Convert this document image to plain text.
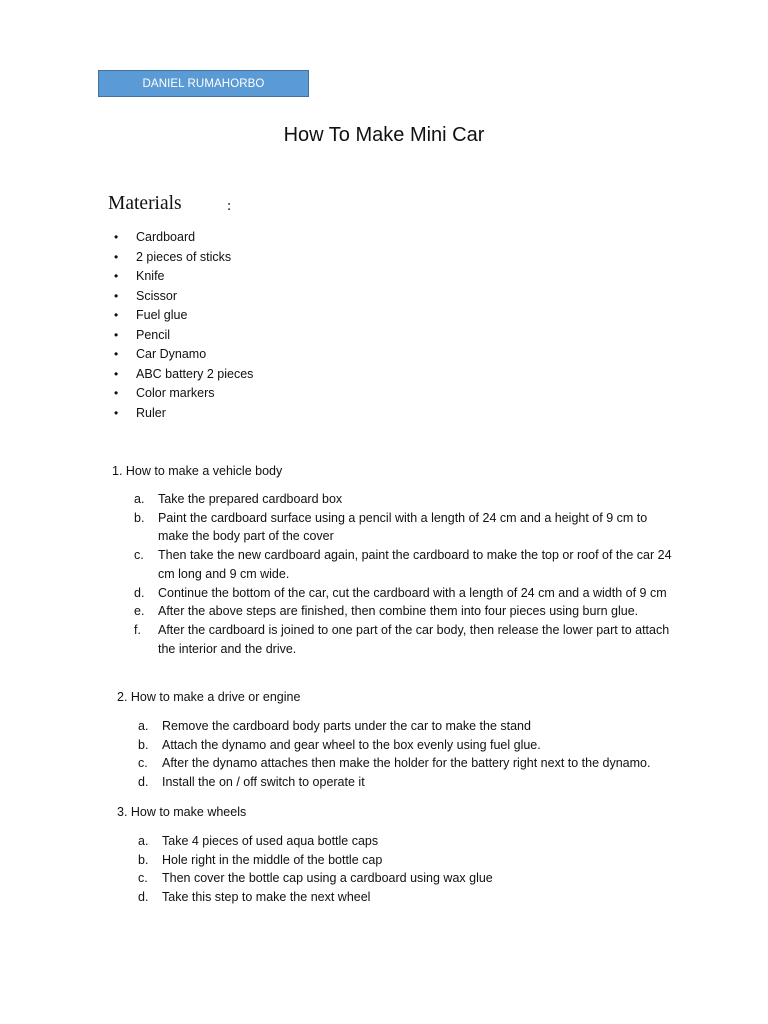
DANIEL RUMAHORBO
How To Make Mini Car
Materials	:
• Cardboard
• 2 pieces of sticks
• Knife
• Scissor
• Fuel glue
• Pencil
• Car Dynamo
• ABC battery 2 pieces
• Color markers
• Ruler
1. How to make a vehicle body
a. Take the prepared cardboard box
b. Paint the cardboard surface using a pencil with a length of 24 cm and a height of 9 cm to make the body part of the cover
c. Then take the new cardboard again, paint the cardboard to make the top or roof of the car 24 cm long and 9 cm wide.
d. Continue the bottom of the car, cut the cardboard with a length of 24 cm and a width of 9 cm
e. After the above steps are finished, then combine them into four pieces using burn glue.
f. After the cardboard is joined to one part of the car body, then release the lower part to attach the interior and the drive.
2. How to make a drive or engine
a. Remove the cardboard body parts under the car to make the stand
b. Attach the dynamo and gear wheel to the box evenly using fuel glue.
c. After the dynamo attaches then make the holder for the battery right next to the dynamo.
d. Install the on / off switch to operate it
3. How to make wheels
a. Take 4 pieces of used aqua bottle caps
b. Hole right in the middle of the bottle cap
c. Then cover the bottle cap using a cardboard using wax glue
d. Take this step to make the next wheel
